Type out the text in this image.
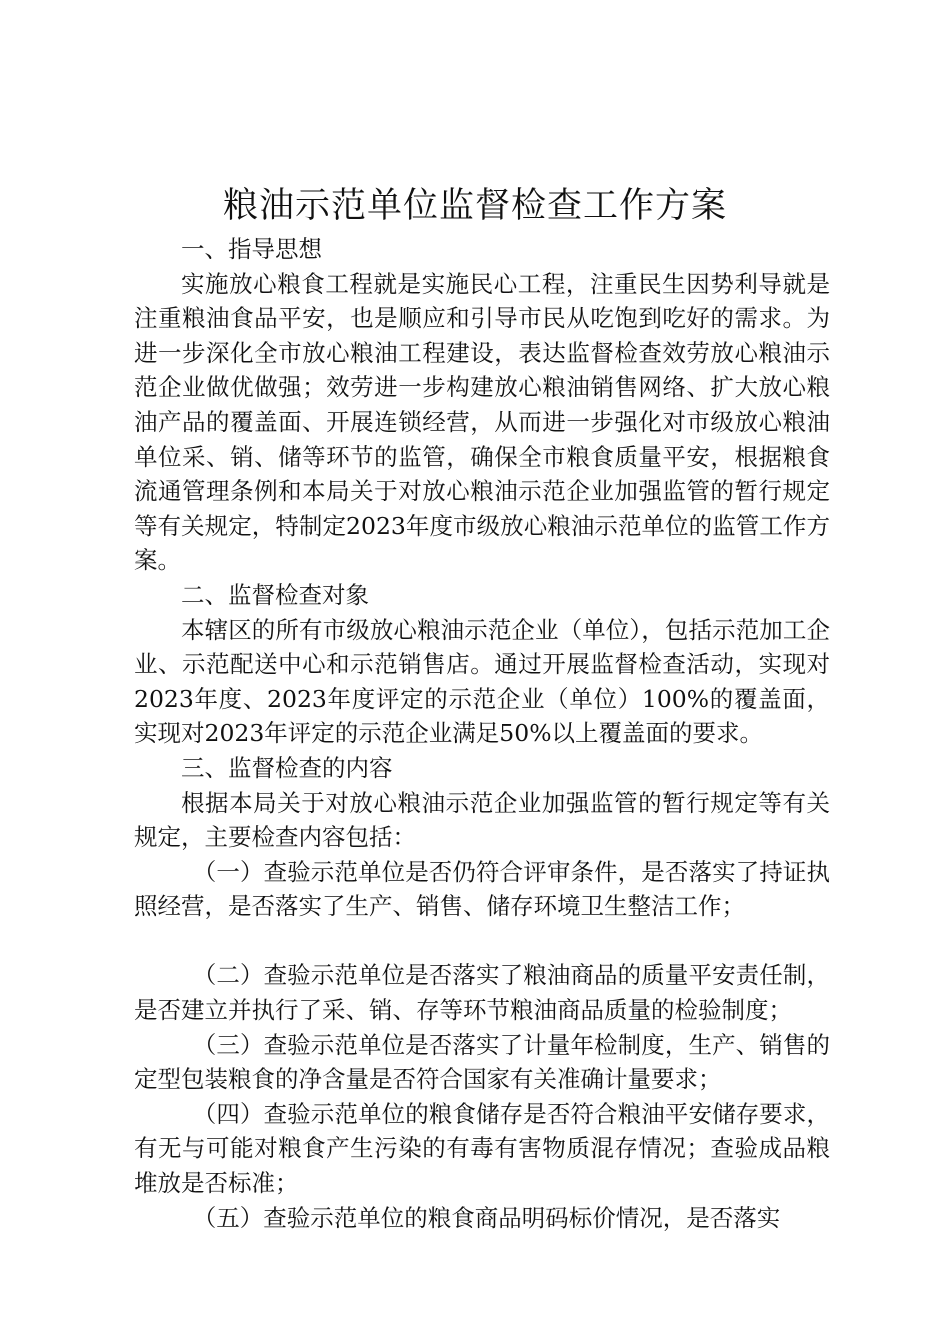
粮油示范单位监督检查工作方案
一、指导思想

实施放心粮食工程就是实施民心工程，注重民生因势利导就是注重粮油食品平安，也是顺应和引导市民从吃饱到吃好的需求。为进一步深化全市放心粮油工程建设，表达监督检查效劳放心粮油示范企业做优做强；效劳进一步构建放心粮油销售网络、扩大放心粮油产品的覆盖面、开展连锁经营，从而进一步强化对市级放心粮油单位采、销、储等环节的监管，确保全市粮食质量平安，根据粮食流通管理条例和本局关于对放心粮油示范企业加强监管的暂行规定等有关规定，特制定2023年度市级放心粮油示范单位的监管工作方案。

二、监督检查对象

本辖区的所有市级放心粮油示范企业（单位），包括示范加工企业、示范配送中心和示范销售店。通过开展监督检查活动，实现对2023年度、2023年度评定的示范企业（单位）100%的覆盖面，实现对2023年评定的示范企业满足50%以上覆盖面的要求。

三、监督检查的内容

根据本局关于对放心粮油示范企业加强监管的暂行规定等有关规定，主要检查内容包括：

（一）查验示范单位是否仍符合评审条件，是否落实了持证执照经营，是否落实了生产、销售、储存环境卫生整洁工作；

（二）查验示范单位是否落实了粮油商品的质量平安责任制，是否建立并执行了采、销、存等环节粮油商品质量的检验制度；

（三）查验示范单位是否落实了计量年检制度，生产、销售的定型包装粮食的净含量是否符合国家有关准确计量要求；

（四）查验示范单位的粮食储存是否符合粮油平安储存要求，有无与可能对粮食产生污染的有毒有害物质混存情况；查验成品粮堆放是否标准；

（五）查验示范单位的粮食商品明码标价情况，是否落实
